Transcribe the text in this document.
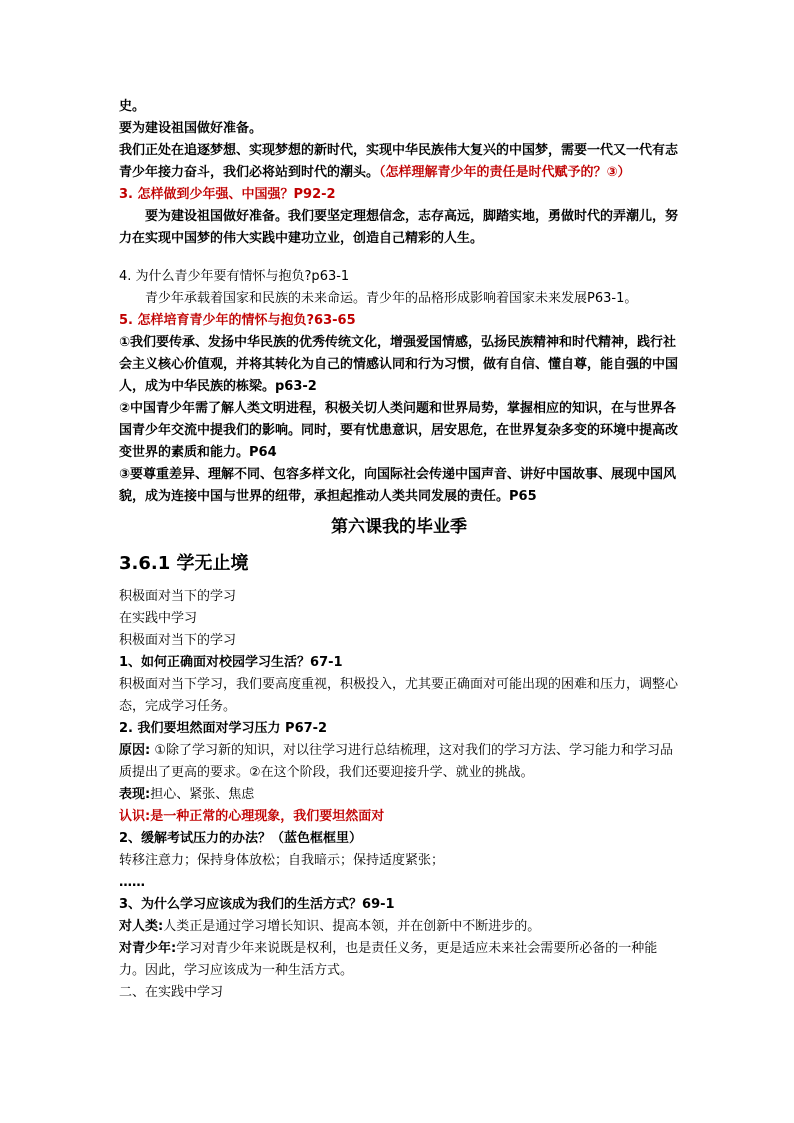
史。

要为建设祖国做好准备。

我们正处在追逐梦想、实现梦想的新时代，实现中华民族伟大复兴的中国梦，需要一代又一代有志青少年接力奋斗，我们必将站到时代的潮头。（怎样理解青少年的责任是时代赋予的？③）

3. 怎样做到少年强、中国强？P92-2

要为建设祖国做好准备。我们要坚定理想信念，志存高远，脚踏实地，勇做时代的弄潮儿，努力在实现中国梦的伟大实践中建功立业，创造自己精彩的人生。

4. 为什么青少年要有情怀与抱负?p63-1

青少年承载着国家和民族的未来命运。青少年的品格形成影响着国家未来发展P63-1。

5. 怎样培育青少年的情怀与抱负?63-65

①我们要传承、发扬中华民族的优秀传统文化，增强爱国情感，弘扬民族精神和时代精神，践行社会主义核心价值观，并将其转化为自己的情感认同和行为习惯，做有自信、懂自尊，能自强的中国人，成为中华民族的栋梁。p63-2

②中国青少年需了解人类文明进程，积极关切人类问题和世界局势，掌握相应的知识，在与世界各国青少年交流中提我们的影响。同时，要有忧患意识，居安思危，在世界复杂多变的环境中提高改变世界的素质和能力。P64

③要尊重差异、理解不同、包容多样文化，向国际社会传递中国声音、讲好中国故事、展现中国风貌，成为连接中国与世界的纽带，承担起推动人类共同发展的责任。P65

第六课我的毕业季
3.6.1 学无止境

积极面对当下的学习

在实践中学习

积极面对当下的学习

1、如何正确面对校园学习生活？67-1

积极面对当下学习，我们要高度重视，积极投入，尤其要正确面对可能出现的困难和压力，调整心态，完成学习任务。

2. 我们要坦然面对学习压力 P67-2

原因: ①除了学习新的知识，对以往学习进行总结梳理，这对我们的学习方法、学习能力和学习品质提出了更高的要求。②在这个阶段，我们还要迎接升学、就业的挑战。

表现:担心、紧张、焦虑

认识:是一种正常的心理现象，我们要坦然面对

2、缓解考试压力的办法？（蓝色框框里）

转移注意力；保持身体放松；自我暗示；保持适度紧张；

……

3、为什么学习应该成为我们的生活方式？69-1

对人类:人类正是通过学习增长知识、提高本领，并在创新中不断进步的。

对青少年:学习对青少年来说既是权利，也是责任义务，更是适应未来社会需要所必备的一种能力。因此，学习应该成为一种生活方式。

二、在实践中学习
